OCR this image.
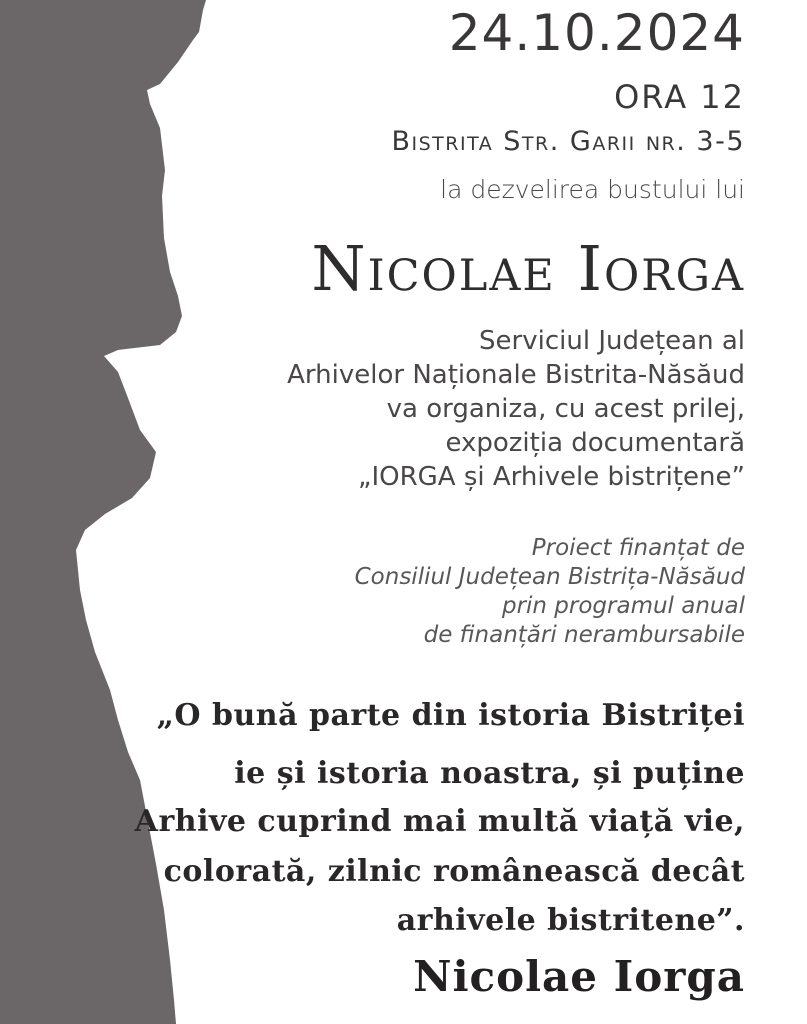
24.10.2024
ORA 12
Bistrita Str. Garii nr. 3-5
la dezvelirea bustului lui
Nicolae Iorga
Serviciul Județean al
Arhivelor Naționale Bistrita-Năsăud
va organiza, cu acest prilej,
expoziția documentară
„IORGA și Arhivele bistrițene”
Proiect finanțat de
Consiliul Județean Bistrița-Năsăud
prin programul anual
de finanțări nerambursabile
„O bună parte din istoria Bistriței
ie și istoria noastra, și puține
Arhive cuprind mai multă viață vie,
colorată, zilnic românească decât
arhivele bistritene”.
Nicolae Iorga
